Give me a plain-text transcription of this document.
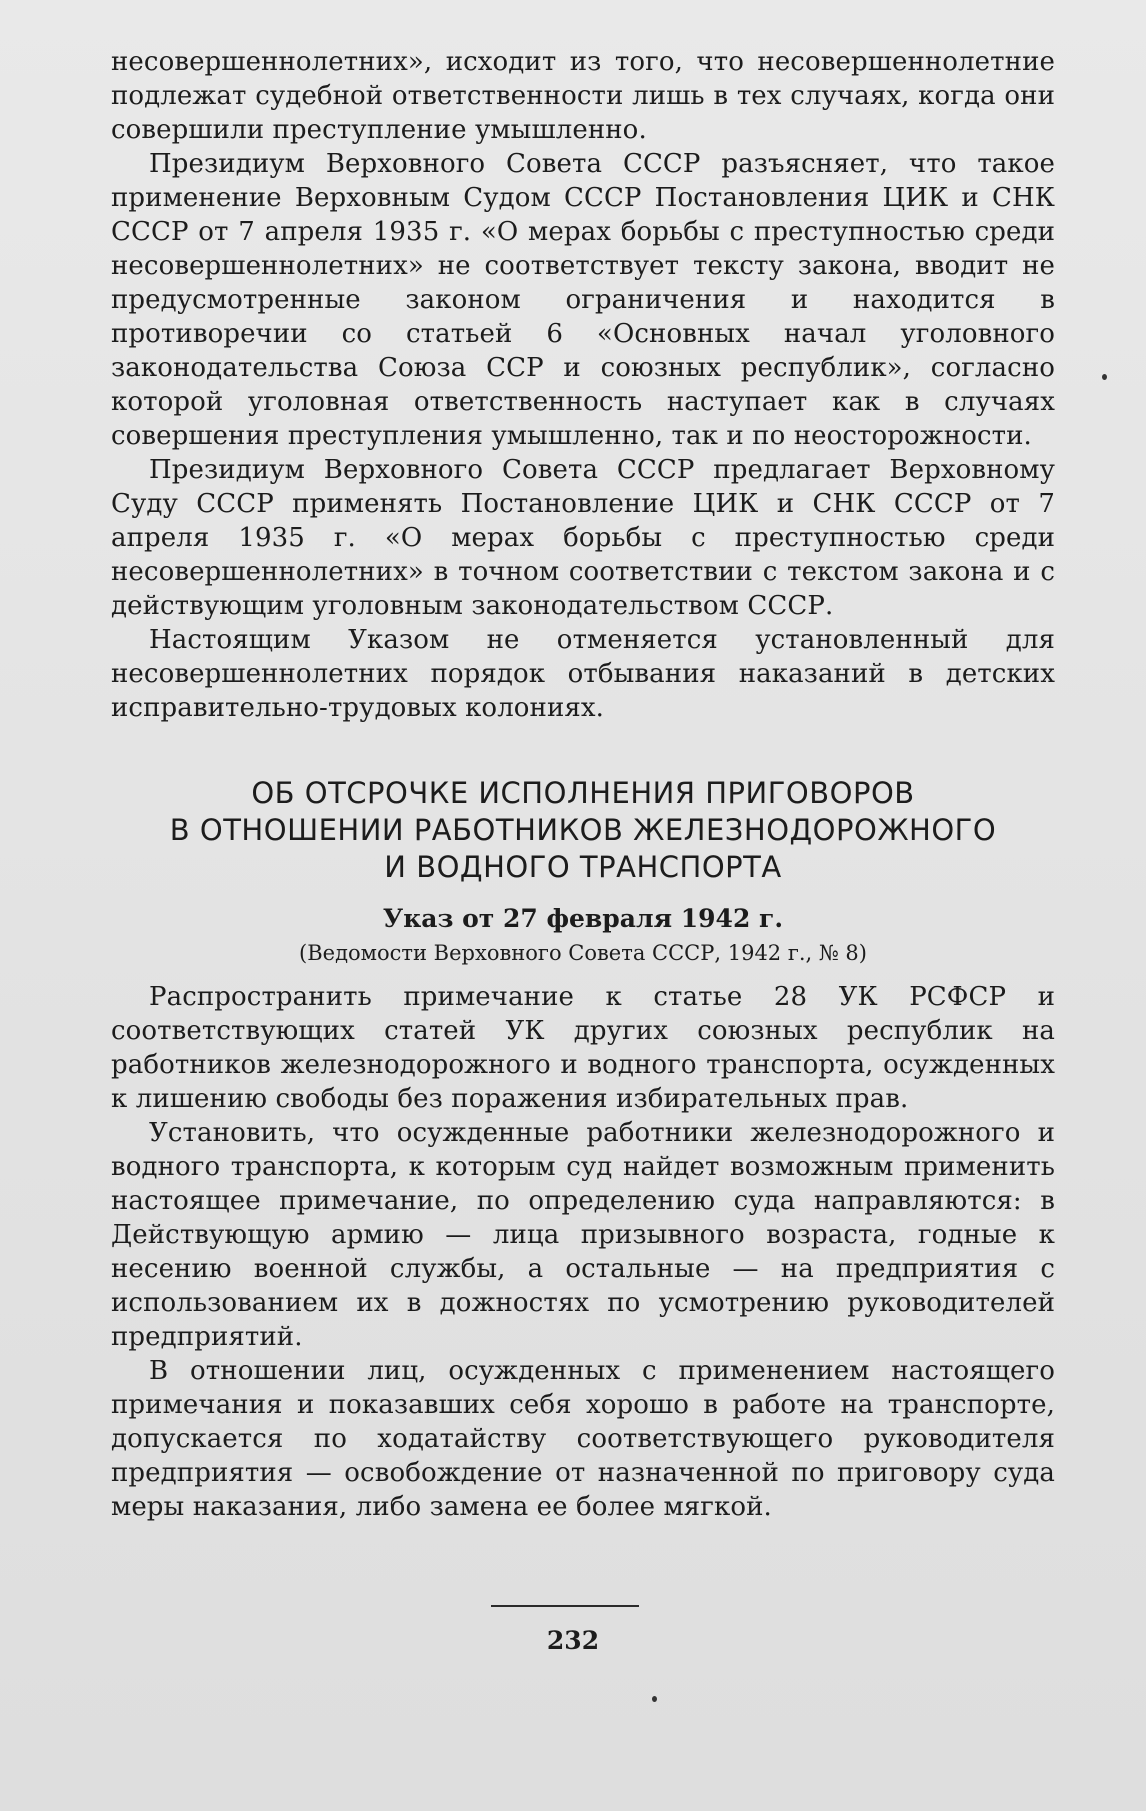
несовершеннолетних», исходит из того, что несовершеннолетние подлежат судебной ответственности лишь в тех случаях, когда они совершили преступление умышленно.

Президиум Верховного Совета СССР разъясняет, что такое применение Верховным Судом СССР Постановления ЦИК и СНК СССР от 7 апреля 1935 г. «О мерах борьбы с преступностью среди несовершеннолетних» не соответствует тексту закона, вводит не предусмотренные законом ограничения и находится в противоречии со статьей 6 «Основных начал уголовного законодательства Союза ССР и союзных республик», согласно которой уголовная ответственность наступает как в случаях совершения преступления умышленно, так и по неосторожности.

Президиум Верховного Совета СССР предлагает Верховному Суду СССР применять Постановление ЦИК и СНК СССР от 7 апреля 1935 г. «О мерах борьбы с преступностью среди несовершеннолетних» в точном соответствии с текстом закона и с действующим уголовным законодательством СССР.

Настоящим Указом не отменяется установленный для несовершеннолетних порядок отбывания наказаний в детских исправительно-трудовых колониях.

ОБ ОТСРОЧКЕ ИСПОЛНЕНИЯ ПРИГОВОРОВ
В ОТНОШЕНИИ РАБОТНИКОВ ЖЕЛЕЗНОДОРОЖНОГО
И ВОДНОГО ТРАНСПОРТА
Указ от 27 февраля 1942 г.
(Ведомости Верховного Совета СССР, 1942 г., № 8)

Распространить примечание к статье 28 УК РСФСР и соответствующих статей УК других союзных республик на работников железнодорожного и водного транспорта, осужденных к лишению свободы без поражения избирательных прав.

Установить, что осужденные работники железнодорожного и водного транспорта, к которым суд найдет возможным применить настоящее примечание, по определению суда направляются: в Действующую армию — лица призывного возраста, годные к несению военной службы, а остальные — на предприятия с использованием их в дожностях по усмотрению руководителей предприятий.

В отношении лиц, осужденных с применением настоящего примечания и показавших себя хорошо в работе на транспорте, допускается по ходатайству соответствующего руководителя предприятия — освобождение от назначенной по приговору суда меры наказания, либо замена ее более мягкой.

232
